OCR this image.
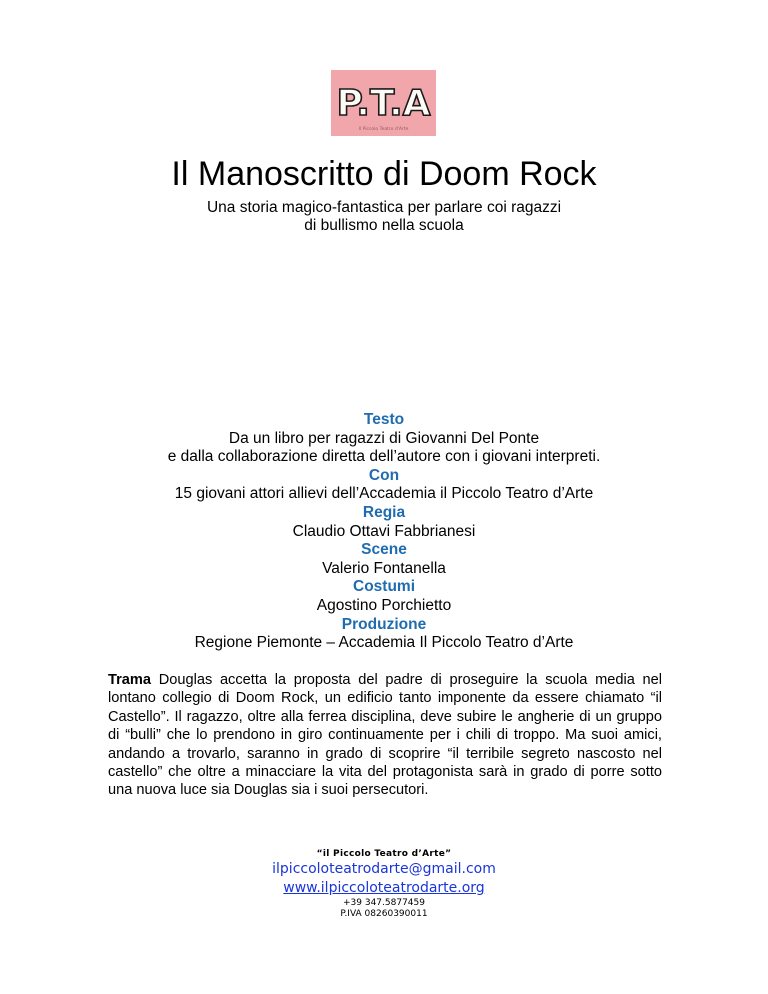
P.T.A
Il Piccolo Teatro d'Arte
Il Manoscritto di Doom Rock
Una storia magico-fantastica per parlare coi ragazzi
di bullismo nella scuola
Testo
Da un libro per ragazzi di Giovanni Del Ponte
e dalla collaborazione diretta dell’autore con i giovani interpreti.
Con
15 giovani attori allievi dell’Accademia il Piccolo Teatro d’Arte
Regia
Claudio Ottavi Fabbrianesi
Scene
Valerio Fontanella
Costumi
Agostino Porchietto
Produzione
Regione Piemonte – Accademia Il Piccolo Teatro d’Arte
Trama Douglas accetta la proposta del padre di proseguire la scuola media nel lontano collegio di Doom Rock, un edificio tanto imponente da essere chiamato “il Castello”. Il ragazzo, oltre alla ferrea disciplina, deve subire le angherie di un gruppo di “bulli” che lo prendono in giro continuamente per i chili di troppo. Ma suoi amici, andando a trovarlo, saranno in grado di scoprire “il terribile segreto nascosto nel castello” che oltre a minacciare la vita del protagonista sarà in grado di porre sotto una nuova luce sia Douglas sia i suoi persecutori.
“il Piccolo Teatro d’Arte”
ilpiccoloteatrodarte@gmail.com
www.ilpiccoloteatrodarte.org
+39 347.5877459
P.IVA 08260390011
